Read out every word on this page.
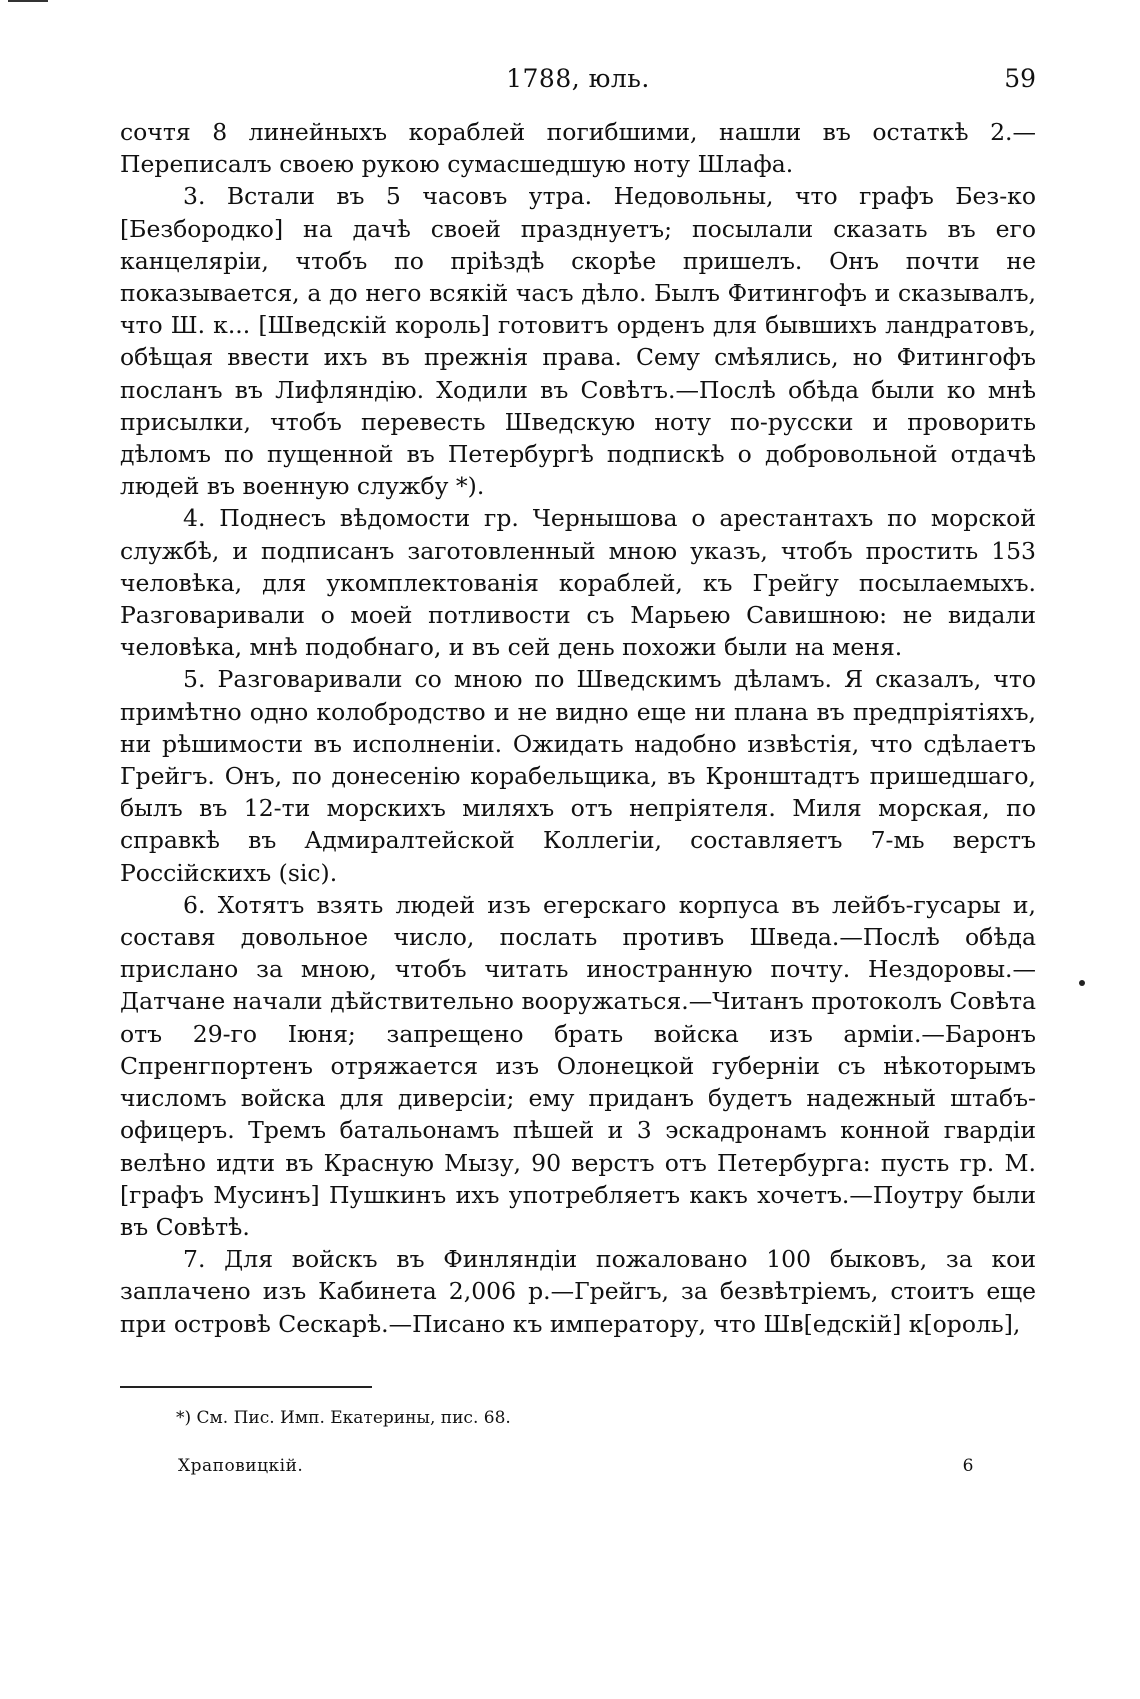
1788, юль.	59

сочтя 8 линейныхъ кораблей погибшими, нашли въ остаткѣ 2.—Переписалъ своею рукою сумасшедшую ноту Шлафа.

3. Встали въ 5 часовъ утра. Недовольны, что графъ Без-ко [Безбородко] на дачѣ своей празднуетъ; посылали сказать въ его канцеляріи, чтобъ по пріѣздѣ скорѣе пришелъ. Онъ почти не показывается, а до него всякій часъ дѣло. Былъ Фитингофъ и сказывалъ, что Ш. к... [Шведскій король] готовитъ орденъ для бывшихъ ландратовъ, обѣщая ввести ихъ въ прежнія права. Сему смѣялись, но Фитингофъ посланъ въ Лифляндію. Ходили въ Совѣтъ.—Послѣ обѣда были ко мнѣ присылки, чтобъ перевесть Шведскую ноту по-русски и проворить дѣломъ по пущенной въ Петербургѣ подпискѣ о добровольной отдачѣ людей въ военную службу *).

4. Поднесъ вѣдомости гр. Чернышова о арестантахъ по морской службѣ, и подписанъ заготовленный мною указъ, чтобъ простить 153 человѣка, для укомплектованія кораблей, къ Грейгу посылаемыхъ. Разговаривали о моей потливости съ Марьею Савишною: не видали человѣка, мнѣ подобнаго, и въ сей день похожи были на меня.

5. Разговаривали со мною по Шведскимъ дѣламъ. Я сказалъ, что примѣтно одно колобродство и не видно еще ни плана въ предпріятіяхъ, ни рѣшимости въ исполненіи. Ожидать надобно извѣстія, что сдѣлаетъ Грейгъ. Онъ, по донесенію корабельщика, въ Кронштадтъ пришедшаго, былъ въ 12-ти морскихъ миляхъ отъ непріятеля. Миля морская, по справкѣ въ Адмиралтейской Коллегіи, составляетъ 7-мь верстъ Россійскихъ (sic).

6. Хотятъ взять людей изъ егерскаго корпуса въ лейбъ-гусары и, составя довольное число, послать противъ Шведа.—Послѣ обѣда прислано за мною, чтобъ читать иностранную почту. Нездоровы.—Датчане начали дѣйствительно вооружаться.—Читанъ протоколъ Совѣта отъ 29-го Іюня; запрещено брать войска изъ арміи.—Баронъ Спренгпортенъ отряжается изъ Олонецкой губерніи съ нѣкоторымъ числомъ войска для диверсіи; ему приданъ будетъ надежный штабъ-офицеръ. Тремъ батальонамъ пѣшей и 3 эскадронамъ конной гвардіи велѣно идти въ Красную Мызу, 90 верстъ отъ Петербурга: пусть гр. М. [графъ Мусинъ] Пушкинъ ихъ употребляетъ какъ хочетъ.—Поутру были въ Совѣтѣ.

7. Для войскъ въ Финляндіи пожаловано 100 быковъ, за кои заплачено изъ Кабинета 2,006 р.—Грейгъ, за безвѣтріемъ, стоитъ еще при островѣ Сескарѣ.—Писано къ императору, что Шв[едскій] к[ороль],

*) См. Пис. Имп. Екатерины, пис. 68.
Храповицкій.	6
